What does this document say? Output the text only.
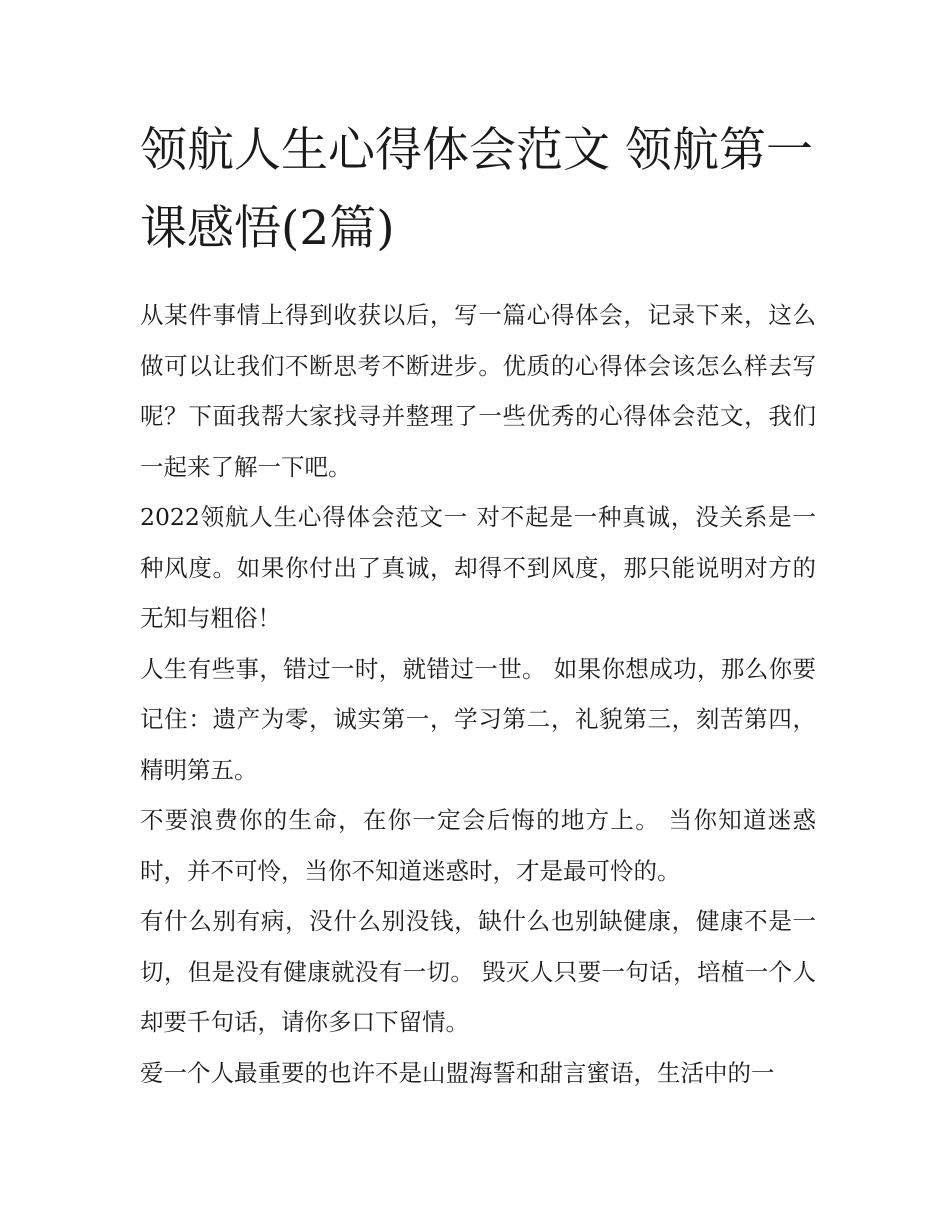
领航人生心得体会范文 领航第一课感悟(2篇)

从某件事情上得到收获以后，写一篇心得体会，记录下来，这么做可以让我们不断思考不断进步。优质的心得体会该怎么样去写呢？下面我帮大家找寻并整理了一些优秀的心得体会范文，我们一起来了解一下吧。

2022领航人生心得体会范文一 对不起是一种真诚，没关系是一种风度。如果你付出了真诚，却得不到风度，那只能说明对方的无知与粗俗！

人生有些事，错过一时，就错过一世。 如果你想成功，那么你要记住：遗产为零，诚实第一，学习第二，礼貌第三，刻苦第四，精明第五。

不要浪费你的生命，在你一定会后悔的地方上。 当你知道迷惑时，并不可怜，当你不知道迷惑时，才是最可怜的。

有什么别有病，没什么别没钱，缺什么也别缺健康，健康不是一切，但是没有健康就没有一切。 毁灭人只要一句话，培植一个人却要千句话，请你多口下留情。

爱一个人最重要的也许不是山盟海誓和甜言蜜语，生活中的一
